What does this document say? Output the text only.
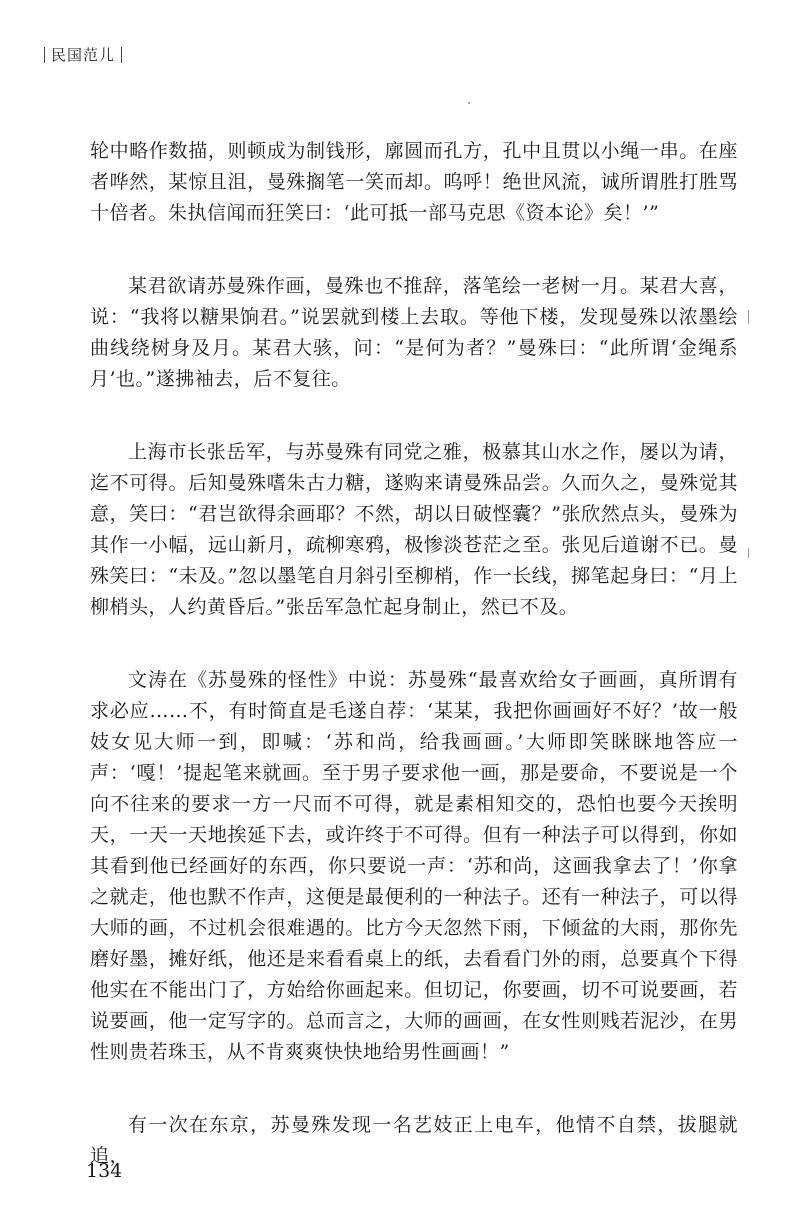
民国范儿

轮中略作数描，则顿成为制钱形，廓圆而孔方，孔中且贯以小绳一串。在座者哗然，某惊且沮，曼殊搁笔一笑而却。呜呼！绝世风流，诚所谓胜打胜骂十倍者。朱执信闻而狂笑曰：‘此可抵一部马克思《资本论》矣！’”

某君欲请苏曼殊作画，曼殊也不推辞，落笔绘一老树一月。某君大喜，说：“我将以糖果饷君。”说罢就到楼上去取。等他下楼，发现曼殊以浓墨绘曲线绕树身及月。某君大骇，问：“是何为者？”曼殊曰：“此所谓‘金绳系月’也。”遂拂袖去，后不复往。

上海市长张岳军，与苏曼殊有同党之雅，极慕其山水之作，屡以为请，迄不可得。后知曼殊嗜朱古力糖，遂购来请曼殊品尝。久而久之，曼殊觉其意，笑曰：“君岂欲得余画耶？不然，胡以日破悭囊？”张欣然点头，曼殊为其作一小幅，远山新月，疏柳寒鸦，极惨淡苍茫之至。张见后道谢不已。曼殊笑曰：“未及。”忽以墨笔自月斜引至柳梢，作一长线，掷笔起身曰：“月上柳梢头，人约黄昏后。”张岳军急忙起身制止，然已不及。

文涛在《苏曼殊的怪性》中说：苏曼殊“最喜欢给女子画画，真所谓有求必应……不，有时简直是毛遂自荐：‘某某，我把你画画好不好？’故一般妓女见大师一到，即喊：‘苏和尚，给我画画。’大师即笑眯眯地答应一声：‘嘎！’提起笔来就画。至于男子要求他一画，那是要命，不要说是一个向不往来的要求一方一尺而不可得，就是素相知交的，恐怕也要今天挨明天，一天一天地挨延下去，或许终于不可得。但有一种法子可以得到，你如其看到他已经画好的东西，你只要说一声：‘苏和尚，这画我拿去了！’你拿之就走，他也默不作声，这便是最便利的一种法子。还有一种法子，可以得大师的画，不过机会很难遇的。比方今天忽然下雨，下倾盆的大雨，那你先磨好墨，摊好纸，他还是来看看桌上的纸，去看看门外的雨，总要真个下得他实在不能出门了，方始给你画起来。但切记，你要画，切不可说要画，若说要画，他一定写字的。总而言之，大师的画画，在女性则贱若泥沙，在男性则贵若珠玉，从不肯爽爽快快地给男性画画！”

有一次在东京，苏曼殊发现一名艺妓正上电车，他情不自禁，拔腿就追，

134
